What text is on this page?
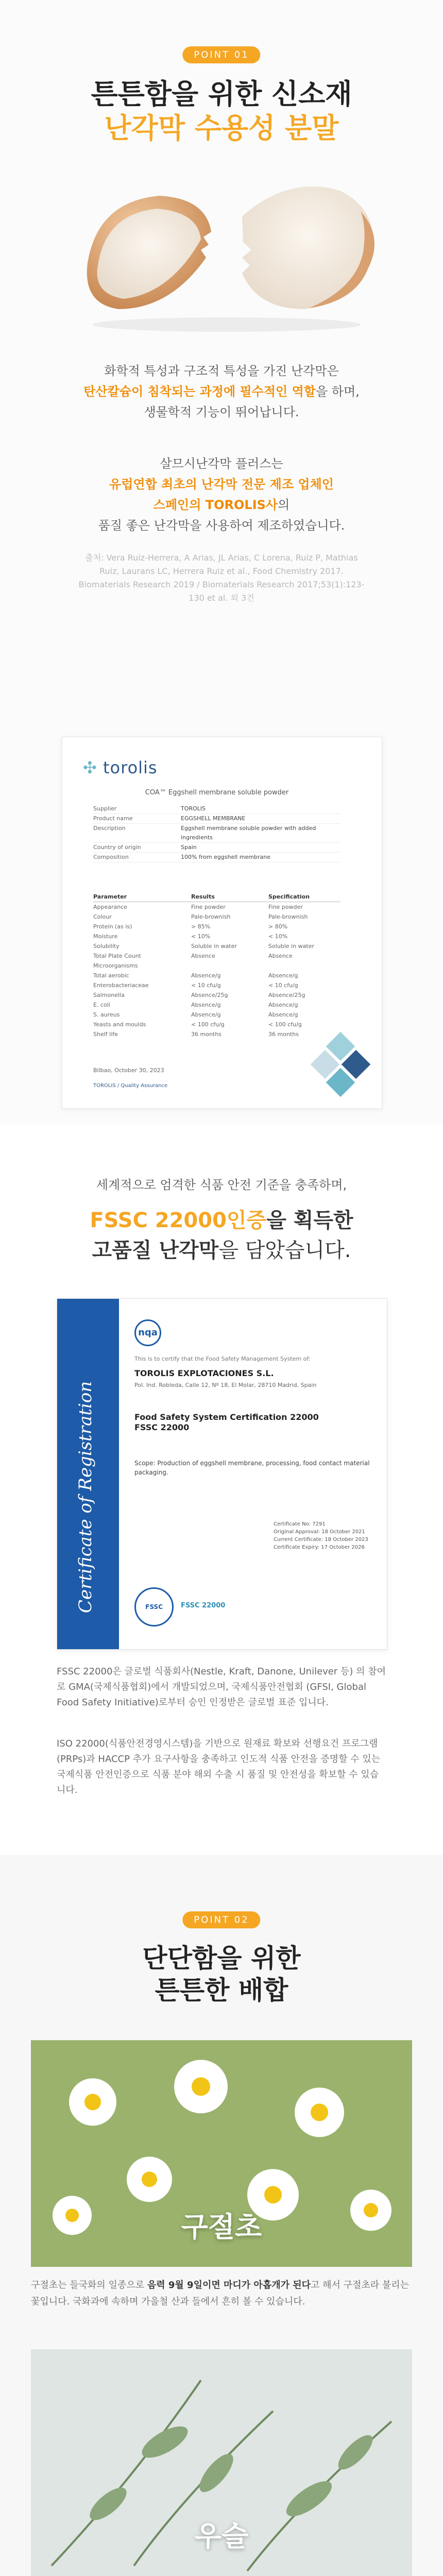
POINT 01
튼튼함을 위한 신소재
난각막 수용성 분말
화학적 특성과 구조적 특성을 가진 난각막은
탄산칼슘이 침착되는 과정에 필수적인 역할을 하며,
생물학적 기능이 뛰어납니다.
살므시난각막 플러스는
유럽연합 최초의 난각막 전문 제조 업체인
스페인의 TOROLIS사의
품질 좋은 난각막을 사용하여 제조하였습니다.
출처: Vera Ruiz-Herrera, A Arias, JL Arias, C Lorena, Ruiz P, Mathias Ruiz, Laurans LC, Herrera Ruiz et al., Food Chemistry 2017. Biomaterials Research 2019 / Biomaterials Research 2017;53(1):123-130 et al. 외 3건
✣ torolis
COA™ Eggshell membrane soluble powder
Supplier	TOROLIS
Product name	EGGSHELL MEMBRANE
Description	Eggshell membrane soluble powder with added ingredients
Country of origin	Spain
Composition	100% from eggshell membrane
Parameter	Results	Specification
Appearance	Fine powder	Fine powder
Colour	Pale-brownish	Pale-brownish
Protein (as is)	> 85%	> 80%
Moisture	< 10%	< 10%
Solubility	Soluble in water	Soluble in water
Total Plate Count	Absence	Absence
Microorganisms
Total aerobic	Absence/g	Absence/g
Enterobacteriaceae	< 10 cfu/g	< 10 cfu/g
Salmonella	Absence/25g	Absence/25g
E. coli	Absence/g	Absence/g
S. aureus	Absence/g	Absence/g
Yeasts and moulds	< 100 cfu/g	< 100 cfu/g
Shelf life	36 months	36 months
Bilbao, October 30, 2023
TOROLIS / Quality Assurance
세계적으로 엄격한 식품 안전 기준을 충족하며,
FSSC 22000인증을 획득한
고품질 난각막을 담았습니다.
Certificate of Registration
nqa
This is to certify that the Food Safety Management System of:
TOROLIS EXPLOTACIONES S.L.
Pol. Ind. Robleda, Calle 12, Nº 18, El Molar, 28710 Madrid, Spain
Food Safety System Certification 22000
FSSC 22000
Scope: Production of eggshell membrane, processing, food contact material packaging.
Certificate No: 7291
Original Approval: 18 October 2021
Current Certificate: 18 October 2023
Certificate Expiry: 17 October 2026
FSSC	FSSC 22000
FSSC 22000은 글로벌 식품회사(Nestle, Kraft, Danone, Unilever 등) 의 참여로 GMA(국제식품협회)에서 개발되었으며, 국제식품안전협회 (GFSI, Global Food Safety Initiative)로부터 승인 인정받은 글로벌 표준 입니다.
ISO 22000(식품안전경영시스템)을 기반으로 원재료 확보와 선행요건 프로그램(PRPs)과 HACCP 추가 요구사항을 충족하고 인도적 식품 안전을 증명할 수 있는 국제식품 안전인증으로 식품 분야 해외 수출 시 품질 및 안전성을 확보할 수 있습니다.
POINT 02
단단함을 위한
튼튼한 배합
구절초
구절초는 들국화의 일종으로 음력 9월 9일이면 마디가 아홉개가 된다고 해서 구절초라 불리는 꽃입니다. 국화과에 속하며 가을철 산과 들에서 흔히 볼 수 있습니다.
우슬
